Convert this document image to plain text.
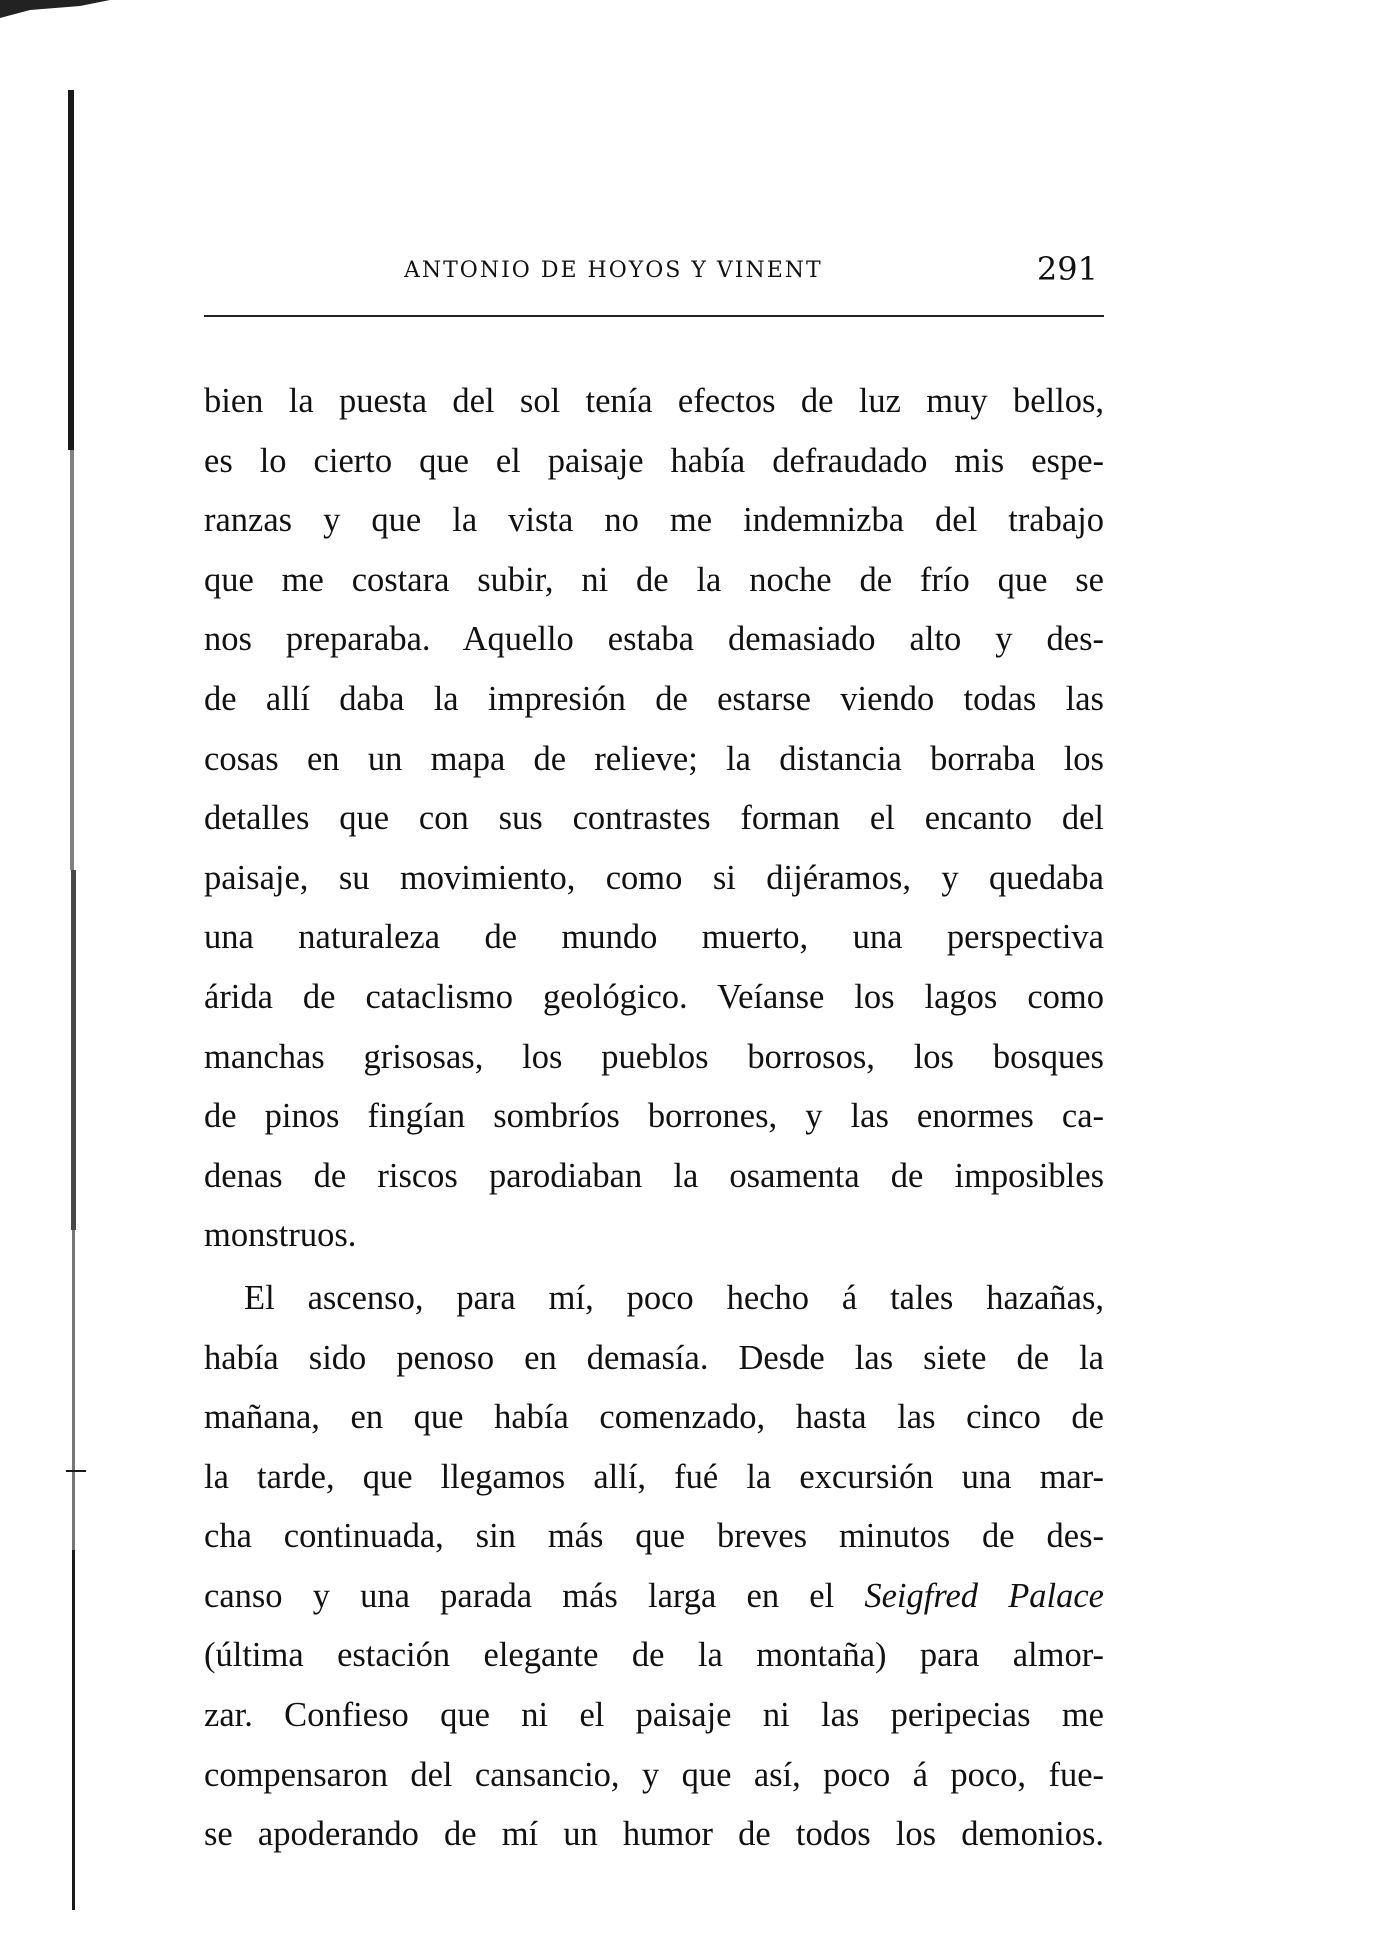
ANTONIO DE HOYOS Y VINENT	291
bien la puesta del sol tenía efectos de luz muy bellos,
es lo cierto que el paisaje había defraudado mis espe-
ranzas y que la vista no me indemnizba del trabajo
que me costara subir, ni de la noche de frío que se
nos preparaba. Aquello estaba demasiado alto y des-
de allí daba la impresión de estarse viendo todas las
cosas en un mapa de relieve; la distancia borraba los
detalles que con sus contrastes forman el encanto del
paisaje, su movimiento, como si dijéramos, y quedaba
una naturaleza de mundo muerto, una perspectiva
árida de cataclismo geológico. Veíanse los lagos como
manchas grisosas, los pueblos borrosos, los bosques
de pinos fingían sombríos borrones, y las enormes ca-
denas de riscos parodiaban la osamenta de imposibles
monstruos.
El ascenso, para mí, poco hecho á tales hazañas,
había sido penoso en demasía. Desde las siete de la
mañana, en que había comenzado, hasta las cinco de
la tarde, que llegamos allí, fué la excursión una mar-
cha continuada, sin más que breves minutos de des-
canso y una parada más larga en el Seigfred Palace
(última estación elegante de la montaña) para almor-
zar. Confieso que ni el paisaje ni las peripecias me
compensaron del cansancio, y que así, poco á poco, fue-
se apoderando de mí un humor de todos los demonios.
